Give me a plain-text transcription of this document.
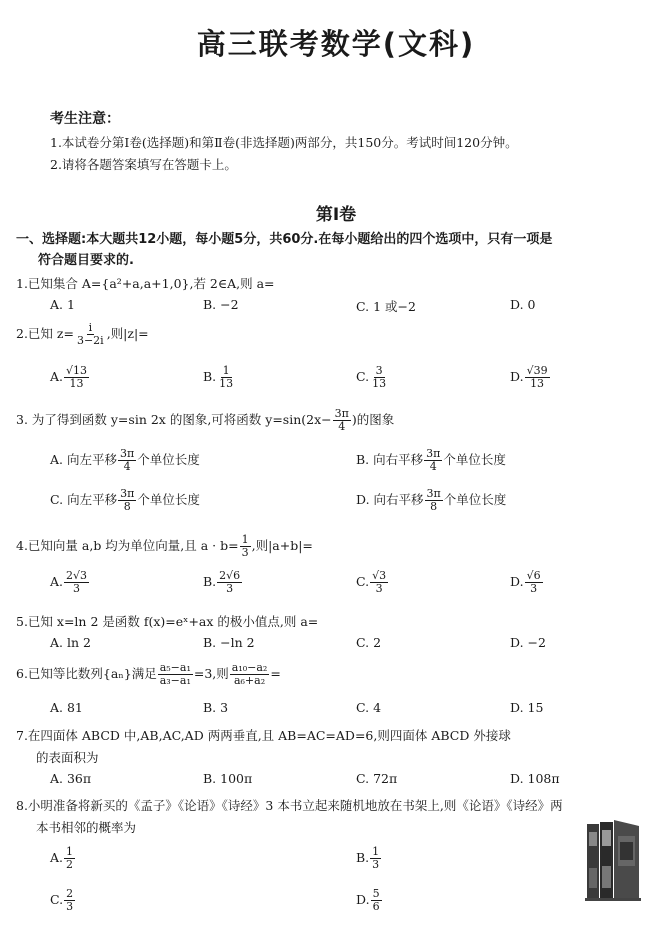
高三联考数学(文科)
考生注意：
1.本试卷分第Ⅰ卷(选择题)和第Ⅱ卷(非选择题)两部分，共150分。考试时间120分钟。
2.请将各题答案填写在答题卡上。
第Ⅰ卷
一、选择题:本大题共12小题，每小题5分，共60分.在每小题给出的四个选项中，只有一项是
符合题目要求的.
1.已知集合 A={a²+a,a+1,0},若 2∈A,则 a=
A. 1	B. −2	C. 1 或−2	D. 0
2.已知 $z= \frac{i}{3-2i}$ ,则|z|=
A. $\frac{√13}{13}$	B. $\frac{1}{13}$	C. $\frac{3}{13}$	D. $\frac{√39}{13}$
3. 为了得到函数 y=sin 2x 的图象,可将函数 $y=\sin(2x- \frac{3\pi}{4}$ )的图象
A. 向左平移 $\frac{3\pi}{4}$ 个单位长度	B. 向右平移 $\frac{3\pi}{4}$ 个单位长度
C. 向左平移 $\frac{3\pi}{8}$ 个单位长度	D. 向右平移 $\frac{3\pi}{8}$ 个单位长度
4.已知向量 a,b 均为单位向量,且 $a \cdot b= \frac{1}{3}$ ,则|a+b|=
A. $\frac{2√3}{3}$	B. $\frac{2√6}{3}$	C. $\frac{√3}{3}$	D. $\frac{√6}{3}$
5.已知 x=ln 2 是函数 f(x)=eˣ+ax 的极小值点,则 a=
A. ln 2	B. −ln 2	C. 2	D. −2
6.已知等比数列{aₙ}满足 $\frac{\text{a₅−a₁}}{\text{a₃−a₁}} =3$,则 $\frac{\text{a₁₀−a₂}}{\text{a₆+a₂}}$ =
A. 81	B. 3	C. 4	D. 15
7.在四面体 ABCD 中,AB,AC,AD 两两垂直,且 AB=AC=AD=6,则四面体 ABCD 外接球
的表面积为
A. 36π	B. 100π	C. 72π	D. 108π
8.小明准备将新买的《孟子》《论语》《诗经》3 本书立起来随机地放在书架上,则《论语》《诗经》两
本书相邻的概率为
A. $\frac{1}{2}$	B. $\frac{1}{3}$
C. $\frac{2}{3}$	D. $\frac{5}{6}$
